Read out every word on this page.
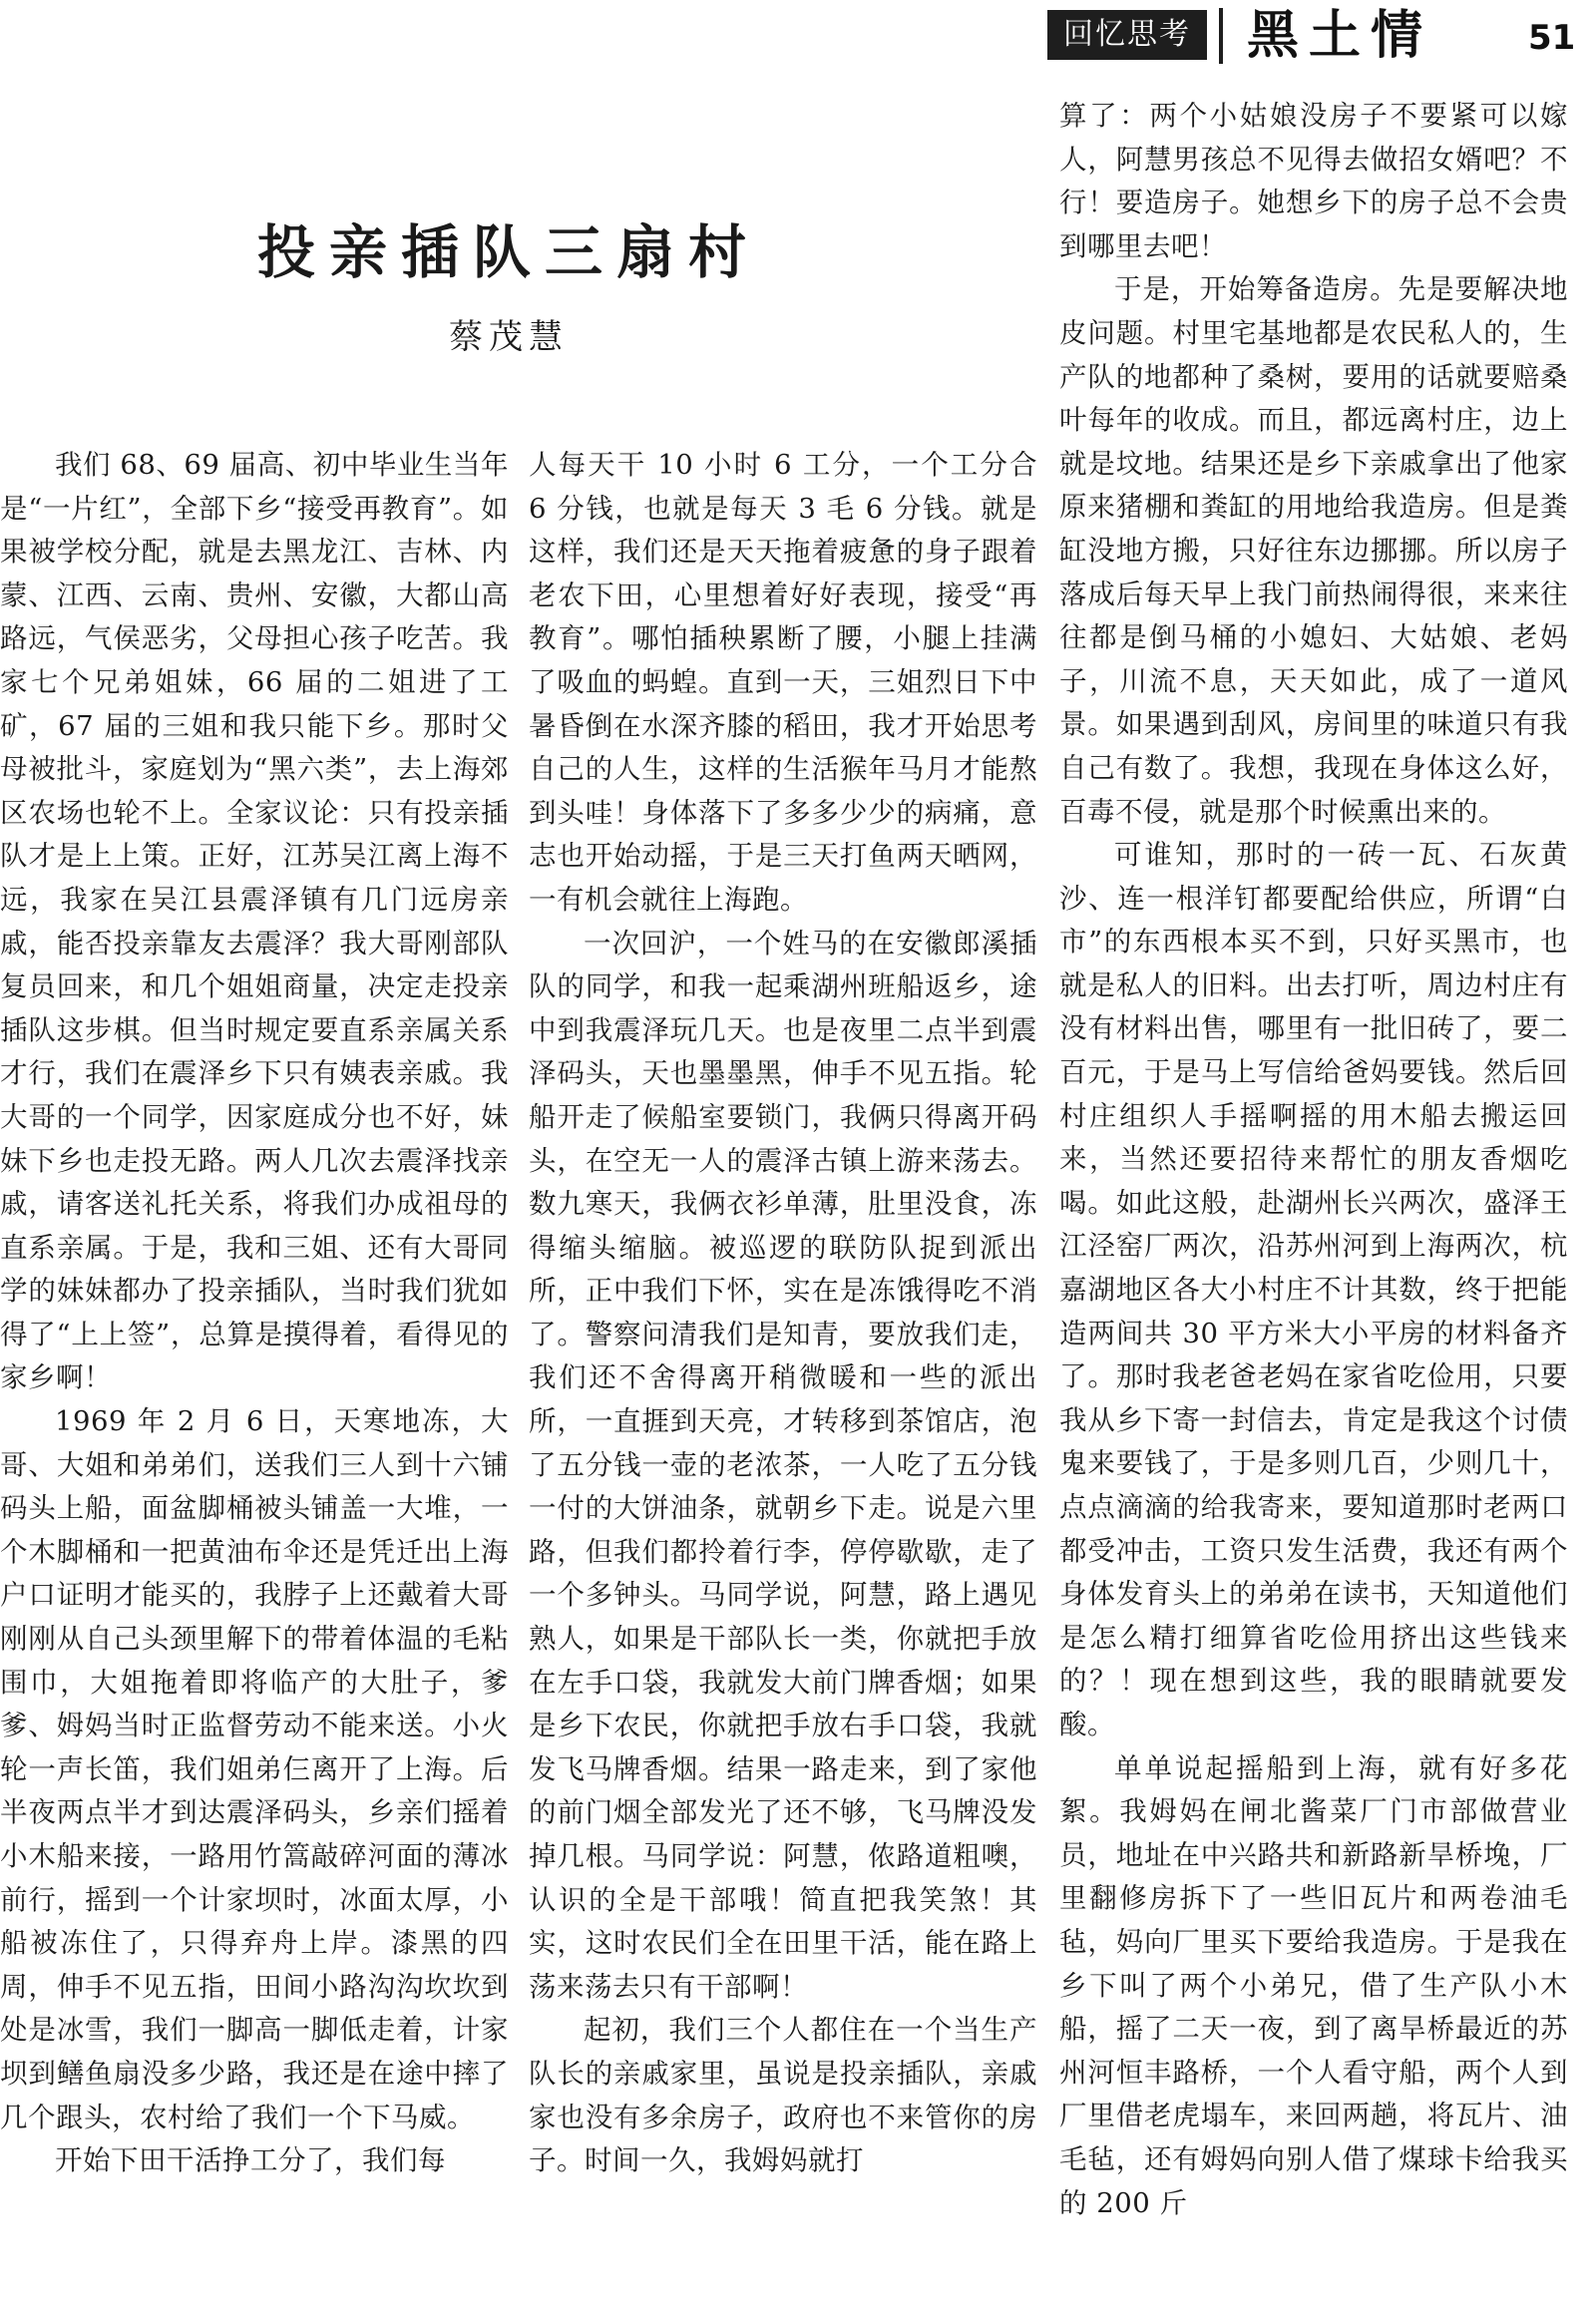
回忆思考	黑土情	51
投亲插队三扇村
蔡茂慧

我们 68、69 届高、初中毕业生当年是“一片红”，全部下乡“接受再教育”。如果被学校分配，就是去黑龙江、吉林、内蒙、江西、云南、贵州、安徽，大都山高路远，气侯恶劣，父母担心孩子吃苦。我家七个兄弟姐妹，66 届的二姐进了工矿，67 届的三姐和我只能下乡。那时父母被批斗，家庭划为“黑六类”，去上海郊区农场也轮不上。全家议论：只有投亲插队才是上上策。正好，江苏吴江离上海不远，我家在吴江县震泽镇有几门远房亲戚，能否投亲靠友去震泽？我大哥刚部队复员回来，和几个姐姐商量，决定走投亲插队这步棋。但当时规定要直系亲属关系才行，我们在震泽乡下只有姨表亲戚。我大哥的一个同学，因家庭成分也不好，妹妹下乡也走投无路。两人几次去震泽找亲戚，请客送礼托关系，将我们办成祖母的直系亲属。于是，我和三姐、还有大哥同学的妹妹都办了投亲插队，当时我们犹如得了“上上签”，总算是摸得着，看得见的家乡啊！

1969 年 2 月 6 日，天寒地冻，大哥、大姐和弟弟们，送我们三人到十六铺码头上船，面盆脚桶被头铺盖一大堆，一个木脚桶和一把黄油布伞还是凭迁出上海户口证明才能买的，我脖子上还戴着大哥刚刚从自己头颈里解下的带着体温的毛粘围巾，大姐拖着即将临产的大肚子，爹爹、姆妈当时正监督劳动不能来送。小火轮一声长笛，我们姐弟仨离开了上海。后半夜两点半才到达震泽码头，乡亲们摇着小木船来接，一路用竹篙敲碎河面的薄冰前行，摇到一个计家坝时，冰面太厚，小船被冻住了，只得弃舟上岸。漆黑的四周，伸手不见五指，田间小路沟沟坎坎到处是冰雪，我们一脚高一脚低走着，计家坝到鳝鱼扇没多少路，我还是在途中摔了几个跟头，农村给了我们一个下马威。

开始下田干活挣工分了，我们每

人每天干 10 小时 6 工分，一个工分合 6 分钱，也就是每天 3 毛 6 分钱。就是这样，我们还是天天拖着疲惫的身子跟着老农下田，心里想着好好表现，接受“再教育”。哪怕插秧累断了腰，小腿上挂满了吸血的蚂蝗。直到一天，三姐烈日下中暑昏倒在水深齐膝的稻田，我才开始思考自己的人生，这样的生活猴年马月才能熬到头哇！身体落下了多多少少的病痛，意志也开始动摇，于是三天打鱼两天晒网，一有机会就往上海跑。

一次回沪，一个姓马的在安徽郎溪插队的同学，和我一起乘湖州班船返乡，途中到我震泽玩几天。也是夜里二点半到震泽码头，天也墨墨黑，伸手不见五指。轮船开走了候船室要锁门，我俩只得离开码头，在空无一人的震泽古镇上游来荡去。数九寒天，我俩衣衫单薄，肚里没食，冻得缩头缩脑。被巡逻的联防队捉到派出所，正中我们下怀，实在是冻饿得吃不消了。警察问清我们是知青，要放我们走，我们还不舍得离开稍微暖和一些的派出所，一直捱到天亮，才转移到茶馆店，泡了五分钱一壶的老浓茶，一人吃了五分钱一付的大饼油条，就朝乡下走。说是六里路，但我们都拎着行李，停停歇歇，走了一个多钟头。马同学说，阿慧，路上遇见熟人，如果是干部队长一类，你就把手放在左手口袋，我就发大前门牌香烟；如果是乡下农民，你就把手放右手口袋，我就发飞马牌香烟。结果一路走来，到了家他的前门烟全部发光了还不够，飞马牌没发掉几根。马同学说：阿慧，侬路道粗噢，认识的全是干部哦！简直把我笑煞！其实，这时农民们全在田里干活，能在路上荡来荡去只有干部啊！

起初，我们三个人都住在一个当生产队长的亲戚家里，虽说是投亲插队，亲戚家也没有多余房子，政府也不来管你的房子。时间一久，我姆妈就打

算了：两个小姑娘没房子不要紧可以嫁人，阿慧男孩总不见得去做招女婿吧？不行！要造房子。她想乡下的房子总不会贵到哪里去吧！

于是，开始筹备造房。先是要解决地皮问题。村里宅基地都是农民私人的，生产队的地都种了桑树，要用的话就要赔桑叶每年的收成。而且，都远离村庄，边上就是坟地。结果还是乡下亲戚拿出了他家原来猪棚和粪缸的用地给我造房。但是粪缸没地方搬，只好往东边挪挪。所以房子落成后每天早上我门前热闹得很，来来往往都是倒马桶的小媳妇、大姑娘、老妈子，川流不息，天天如此，成了一道风景。如果遇到刮风，房间里的味道只有我自己有数了。我想，我现在身体这么好，百毒不侵，就是那个时候熏出来的。

可谁知，那时的一砖一瓦、石灰黄沙、连一根洋钉都要配给供应，所谓“白市”的东西根本买不到，只好买黑市，也就是私人的旧料。出去打听，周边村庄有没有材料出售，哪里有一批旧砖了，要二百元，于是马上写信给爸妈要钱。然后回村庄组织人手摇啊摇的用木船去搬运回来，当然还要招待来帮忙的朋友香烟吃喝。如此这般，赴湖州长兴两次，盛泽王江泾窑厂两次，沿苏州河到上海两次，杭嘉湖地区各大小村庄不计其数，终于把能造两间共 30 平方米大小平房的材料备齐了。那时我老爸老妈在家省吃俭用，只要我从乡下寄一封信去，肯定是我这个讨债鬼来要钱了，于是多则几百，少则几十，点点滴滴的给我寄来，要知道那时老两口都受冲击，工资只发生活费，我还有两个身体发育头上的弟弟在读书，天知道他们是怎么精打细算省吃俭用挤出这些钱来的？！现在想到这些，我的眼睛就要发酸。

单单说起摇船到上海，就有好多花絮。我姆妈在闸北酱菜厂门市部做营业员，地址在中兴路共和新路新旱桥堍，厂里翻修房拆下了一些旧瓦片和两卷油毛毡，妈向厂里买下要给我造房。于是我在乡下叫了两个小弟兄，借了生产队小木船，摇了二天一夜，到了离旱桥最近的苏州河恒丰路桥，一个人看守船，两个人到厂里借老虎塌车，来回两趟，将瓦片、油毛毡，还有姆妈向别人借了煤球卡给我买的 200 斤
